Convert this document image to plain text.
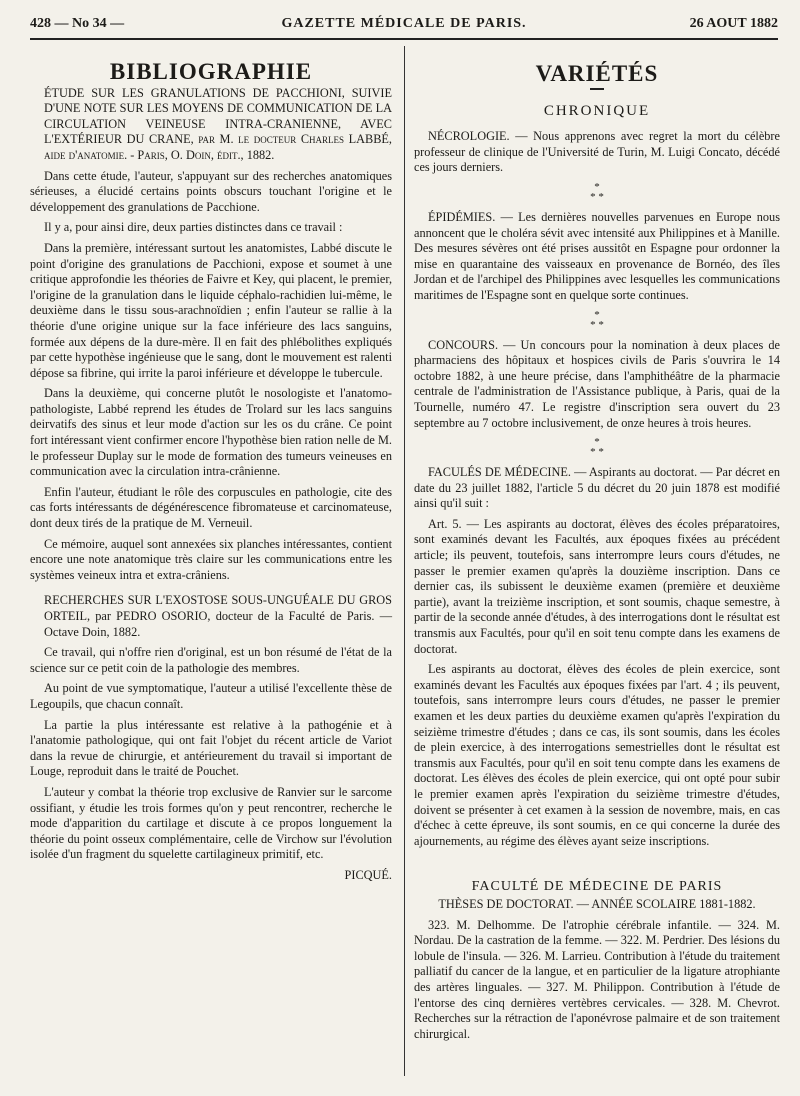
428 — No 34 —	GAZETTE MÉDICALE DE PARIS.	26 AOUT 1882
BIBLIOGRAPHIE

ÉTUDE SUR LES GRANULATIONS DE PACCHIONI, SUIVIE D'UNE NOTE SUR LES MOYENS DE COMMUNICATION DE LA CIRCULATION VEINEUSE INTRA-CRANIENNE, AVEC L'EXTÉRIEUR DU CRANE, par M. le docteur Charles LABBÉ, aide d'anatomie. - Paris, O. Doin, édit., 1882.

Dans cette étude, l'auteur, s'appuyant sur des recherches anatomiques sérieuses, a élucidé certains points obscurs touchant l'origine et le développement des granulations de Pacchione.

Il y a, pour ainsi dire, deux parties distinctes dans ce travail :

Dans la première, intéressant surtout les anatomistes, Labbé discute le point d'origine des granulations de Pacchioni, expose et soumet à une critique approfondie les théories de Faivre et Key, qui placent, le premier, l'origine de la granulation dans le liquide céphalo-rachidien lui-même, le deuxième dans le tissu sous-arachnoïdien ; enfin l'auteur se rallie à la théorie d'une origine unique sur la face inférieure des lacs sanguins, formée aux dépens de la dure-mère. Il en fait des phlébolithes expliqués par cette hypothèse ingénieuse que le sang, dont le mouvement est ralenti dépose sa fibrine, qui irrite la paroi inférieure et développe le tubercule.

Dans la deuxième, qui concerne plutôt le nosologiste et l'anatomo-pathologiste, Labbé reprend les études de Trolard sur les lacs sanguins deirvatifs des sinus et leur mode d'action sur les os du crâne. Ce point fort intéressant vient confirmer encore l'hypothèse bien ration nelle de M. le professeur Duplay sur le mode de formation des tumeurs veineuses en communication avec la circulation intra-crânienne.

Enfin l'auteur, étudiant le rôle des corpuscules en pathologie, cite des cas forts intéressants de dégénérescence fibromateuse et carcinomateuse, dont deux tirés de la pratique de M. Verneuil.

Ce mémoire, auquel sont annexées six planches intéressantes, contient encore une note anatomique très claire sur les communications entre les systèmes veineux intra et extra-crâniens.

RECHERCHES SUR L'EXOSTOSE SOUS-UNGUÉALE DU GROS ORTEIL, par PEDRO OSORIO, docteur de la Faculté de Paris. — Octave Doin, 1882.

Ce travail, qui n'offre rien d'original, est un bon résumé de l'état de la science sur ce petit coin de la pathologie des membres.

Au point de vue symptomatique, l'auteur a utilisé l'excellente thèse de Legoupils, que chacun connaît.

La partie la plus intéressante est relative à la pathogénie et à l'anatomie pathologique, qui ont fait l'objet du récent article de Variot dans la revue de chirurgie, et antérieurement du travail si important de Louge, reproduit dans le traité de Pouchet.

L'auteur y combat la théorie trop exclusive de Ranvier sur le sarcome ossifiant, y étudie les trois formes qu'on y peut rencontrer, recherche le mode d'apparition du cartilage et discute à ce propos longuement la théorie du point osseux complémentaire, celle de Virchow sur l'évolution isolée d'un fragment du squelette cartilagineux primitif, etc.

PICQUÉ.

VARIÉTÉS
CHRONIQUE

NÉCROLOGIE. — Nous apprenons avec regret la mort du célèbre professeur de clinique de l'Université de Turin, M. Luigi Concato, décédé ces jours derniers.

*
* *

ÉPIDÉMIES. — Les dernières nouvelles parvenues en Europe nous annoncent que le choléra sévit avec intensité aux Philippines et à Manille. Des mesures sévères ont été prises aussitôt en Espagne pour ordonner la mise en quarantaine des vaisseaux en provenance de Bornéo, des îles Jordan et de l'archipel des Philippines avec lesquelles les communications maritimes de l'Espagne sont en quelque sorte continues.

*
* *

CONCOURS. — Un concours pour la nomination à deux places de pharmaciens des hôpitaux et hospices civils de Paris s'ouvrira le 14 octobre 1882, à une heure précise, dans l'amphithéâtre de la pharmacie centrale de l'administration de l'Assistance publique, à Paris, quai de la Tournelle, numéro 47. Le registre d'inscription sera ouvert du 23 septembre au 7 octobre inclusivement, de onze heures à trois heures.

*
* *

FACULÉS DE MÉDECINE. — Aspirants au doctorat. — Par décret en date du 23 juillet 1882, l'article 5 du décret du 20 juin 1878 est modifié ainsi qu'il suit :

Art. 5. — Les aspirants au doctorat, élèves des écoles préparatoires, sont examinés devant les Facultés, aux époques fixées au précédent article; ils peuvent, toutefois, sans interrompre leurs cours d'études, ne passer le premier examen qu'après la douzième inscription. Dans ce dernier cas, ils subissent le deuxième examen (première et deuxième partie), avant la treizième inscription, et sont soumis, chaque semestre, à partir de la seconde année d'études, à des interrogations dont le résultat est transmis aux Facultés, pour qu'il en soit tenu compte dans les examens de doctorat.

Les aspirants au doctorat, élèves des écoles de plein exercice, sont examinés devant les Facultés aux époques fixées par l'art. 4 ; ils peuvent, toutefois, sans interrompre leurs cours d'études, ne passer le premier examen et les deux parties du deuxième examen qu'après l'expiration du seizième trimestre d'études ; dans ce cas, ils sont soumis, dans les écoles de plein exercice, à des interrogations semestrielles dont le résultat est transmis aux Facultés, pour qu'il en soit tenu compte dans les examens de doctorat. Les élèves des écoles de plein exercice, qui ont opté pour subir le premier examen après l'expiration du seizième trimestre d'études, doivent se présenter à cet examen à la session de novembre, mais, en cas d'échec à cette épreuve, ils sont soumis, en ce qui concerne la durée des ajournements, au régime des élèves ayant seize inscriptions.

FACULTÉ DE MÉDECINE DE PARIS

THÈSES DE DOCTORAT. — ANNÉE SCOLAIRE 1881-1882.

323. M. Delhomme. De l'atrophie cérébrale infantile. — 324. M. Nordau. De la castration de la femme. — 322. M. Perdrier. Des lésions du lobule de l'insula. — 326. M. Larrieu. Contribution à l'étude du traitement palliatif du cancer de la langue, et en particulier de la ligature atrophiante des artères linguales. — 327. M. Philippon. Contribution à l'étude de l'entorse des cinq dernières vertèbres cervicales. — 328. M. Chevrot. Recherches sur la rétraction de l'aponévrose palmaire et de son traitement chirurgical.
